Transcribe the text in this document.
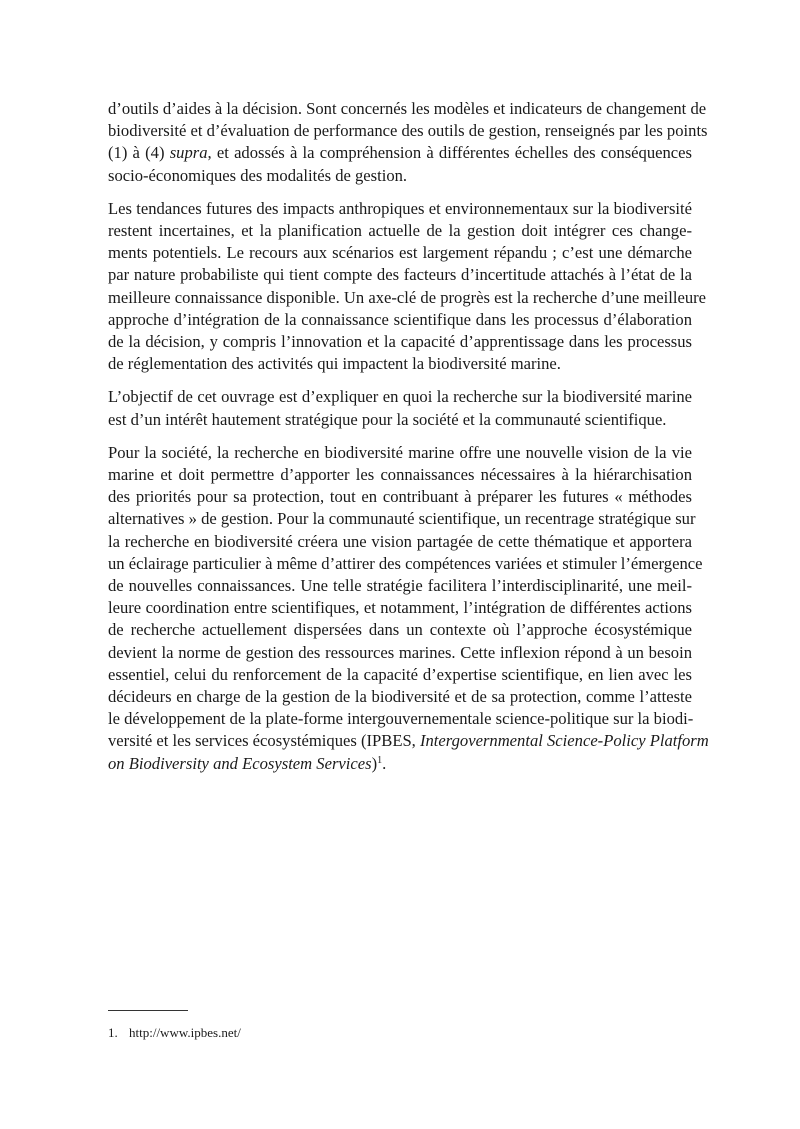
d’outils d’aides à la décision. Sont concernés les modèles et indicateurs de changement de
biodiversité et d’évaluation de performance des outils de gestion, renseignés par les points
(1) à (4) supra, et adossés à la compréhension à différentes échelles des conséquences
socio-économiques des modalités de gestion.

Les tendances futures des impacts anthropiques et environnementaux sur la biodiversité
restent incertaines, et la planification actuelle de la gestion doit intégrer ces change-
ments potentiels. Le recours aux scénarios est largement répandu ; c’est une démarche
par nature probabiliste qui tient compte des facteurs d’incertitude attachés à l’état de la
meilleure connaissance disponible. Un axe-clé de progrès est la recherche d’une meilleure
approche d’intégration de la connaissance scientifique dans les processus d’élaboration
de la décision, y compris l’innovation et la capacité d’apprentissage dans les processus
de réglementation des activités qui impactent la biodiversité marine.

L’objectif de cet ouvrage est d’expliquer en quoi la recherche sur la biodiversité marine
est d’un intérêt hautement stratégique pour la société et la communauté scientifique.

Pour la société, la recherche en biodiversité marine offre une nouvelle vision de la vie
marine et doit permettre d’apporter les connaissances nécessaires à la hiérarchisation
des priorités pour sa protection, tout en contribuant à préparer les futures « méthodes
alternatives » de gestion. Pour la communauté scientifique, un recentrage stratégique sur
la recherche en biodiversité créera une vision partagée de cette thématique et apportera
un éclairage particulier à même d’attirer des compétences variées et stimuler l’émergence
de nouvelles connaissances. Une telle stratégie facilitera l’interdisciplinarité, une meil-
leure coordination entre scientifiques, et notamment, l’intégration de différentes actions
de recherche actuellement dispersées dans un contexte où l’approche écosystémique
devient la norme de gestion des ressources marines. Cette inflexion répond à un besoin
essentiel, celui du renforcement de la capacité d’expertise scientifique, en lien avec les
décideurs en charge de la gestion de la biodiversité et de sa protection, comme l’atteste
le développement de la plate-forme intergouvernementale science-politique sur la biodi-
versité et les services écosystémiques (IPBES, Intergovernmental Science-Policy Platform
on Biodiversity and Ecosystem Services)$^1$.

1. http://www.ipbes.net/
